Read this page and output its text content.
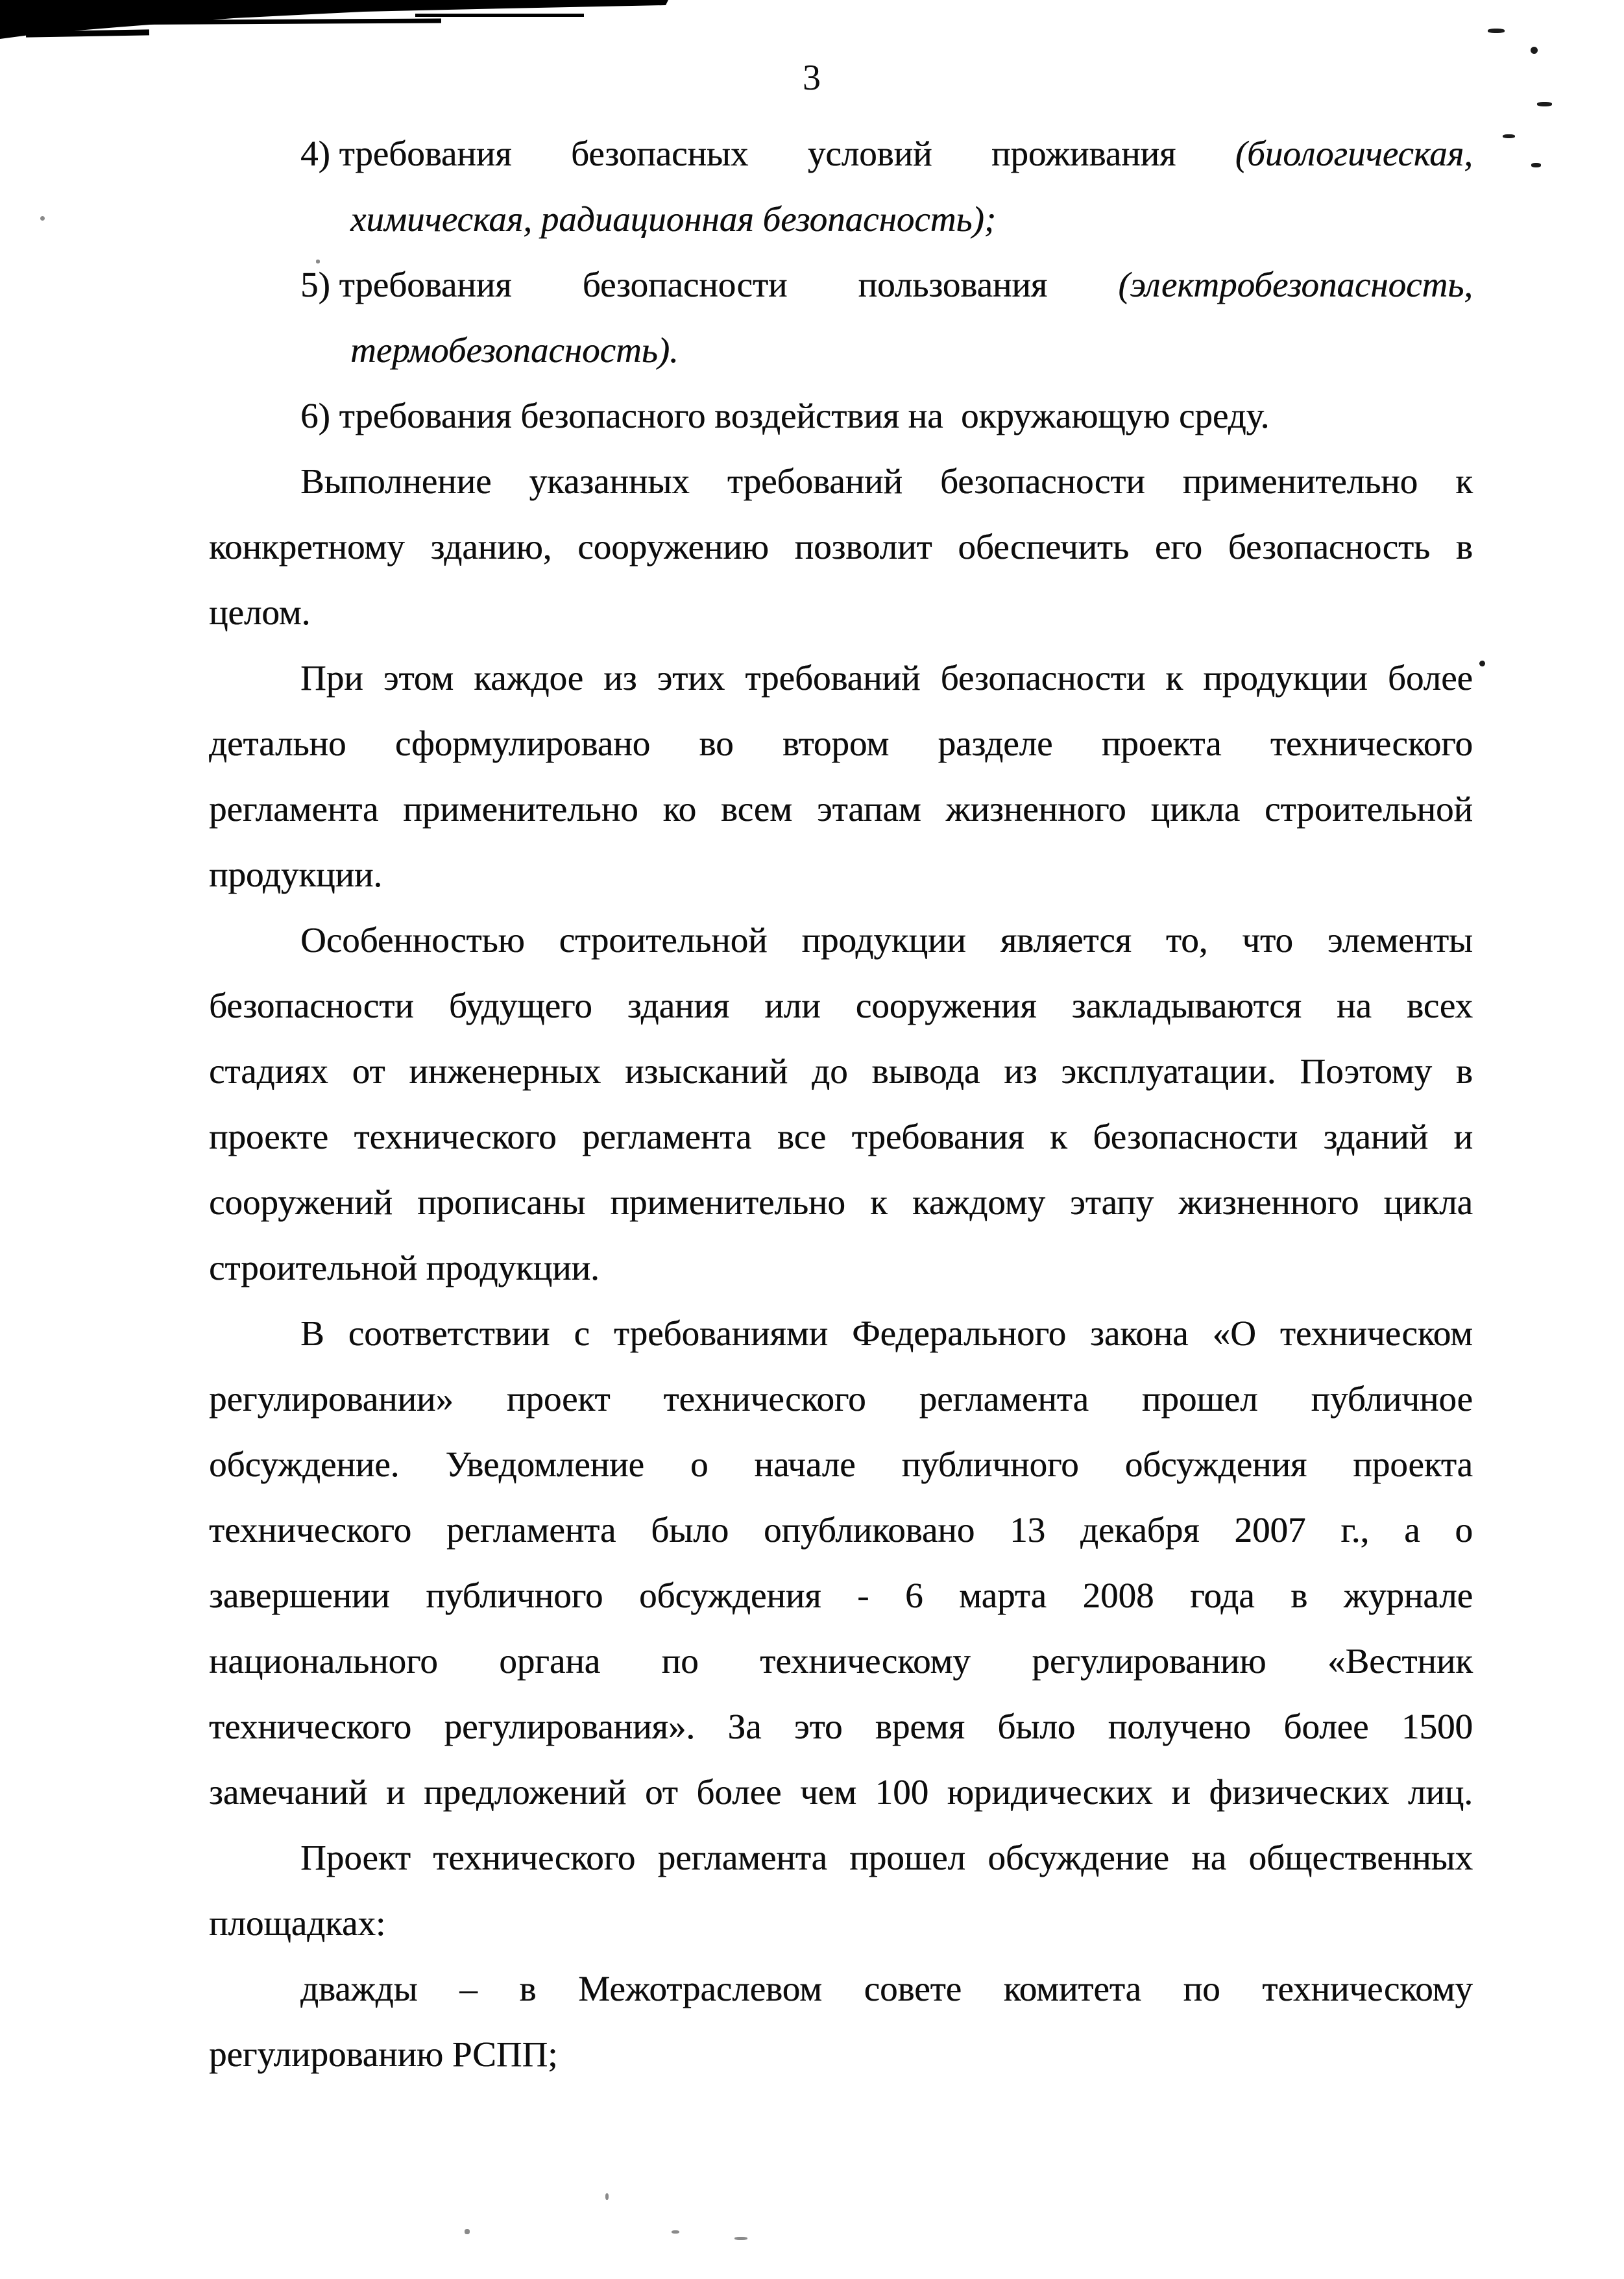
3
4) требования безопасных условий проживания (биологическая,
химическая, радиационная безопасность);
5) требования безопасности пользования (электробезопасность,
термобезопасность).
6) требования безопасного воздействия на  окружающую среду.
Выполнение указанных требований безопасности применительно к
конкретному зданию, сооружению позволит обеспечить его безопасность в
целом.
При этом каждое из этих требований безопасности к продукции более
детально сформулировано во втором разделе проекта технического
регламента применительно ко всем этапам жизненного цикла строительной
продукции.
Особенностью строительной продукции является то, что элементы
безопасности будущего здания или сооружения закладываются на всех
стадиях от инженерных изысканий до вывода из эксплуатации. Поэтому в
проекте технического регламента все требования к безопасности зданий и
сооружений прописаны применительно к каждому этапу жизненного цикла
строительной продукции.
В соответствии с требованиями Федерального закона «О техническом
регулировании» проект технического регламента прошел публичное
обсуждение. Уведомление о начале публичного обсуждения проекта
технического регламента было опубликовано 13 декабря 2007 г., а о
завершении публичного обсуждения - 6 марта 2008 года в журнале
национального органа по техническому регулированию «Вестник
технического регулирования». За это время было получено более 1500
замечаний и предложений от более чем 100 юридических и физических лиц.
Проект технического регламента прошел обсуждение на общественных
площадках:
дважды – в Межотраслевом совете комитета по техническому
регулированию РСПП;
